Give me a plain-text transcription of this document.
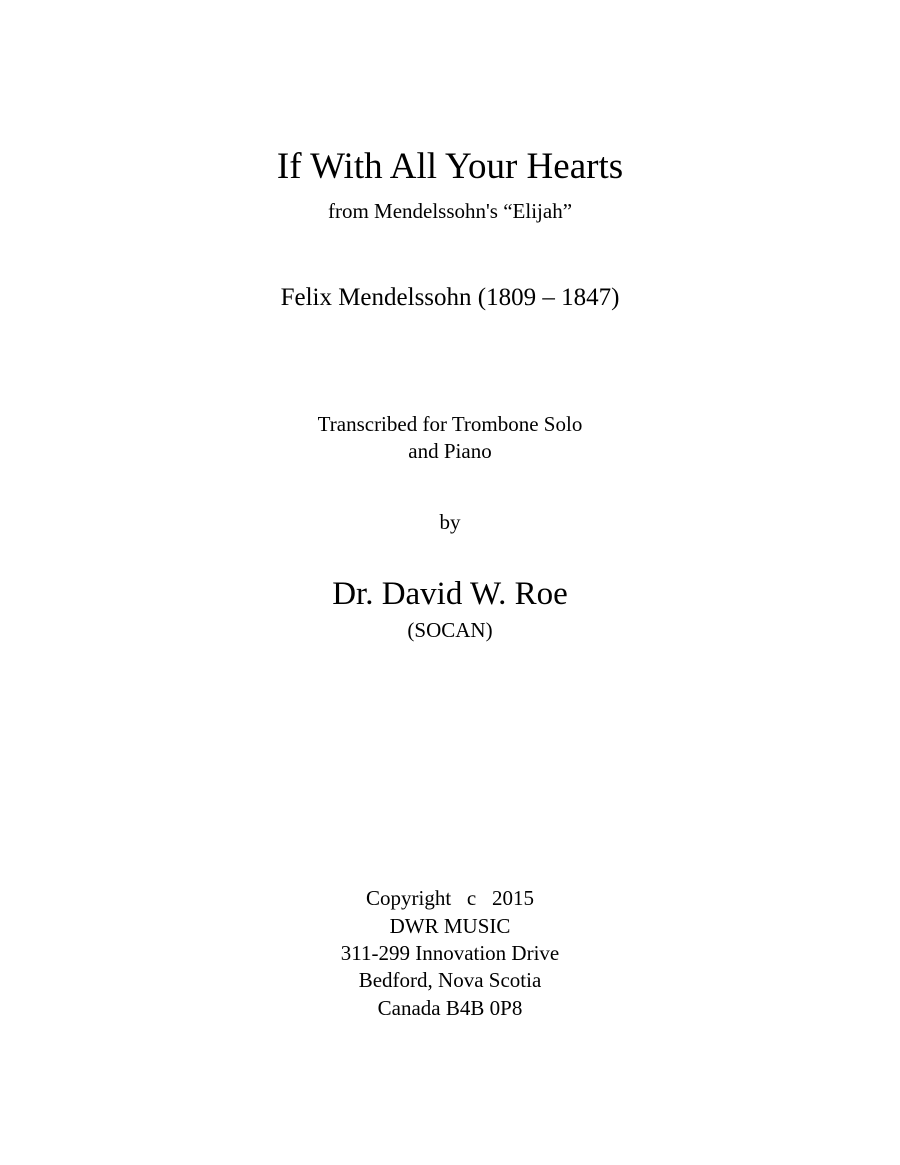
If With All Your Hearts
from Mendelssohn's “Elijah”
Felix Mendelssohn (1809 – 1847)
Transcribed for Trombone Solo
and Piano
by
Dr. David W. Roe
(SOCAN)
Copyright   c   2015
DWR MUSIC
311-299 Innovation Drive
Bedford, Nova Scotia
Canada B4B 0P8
